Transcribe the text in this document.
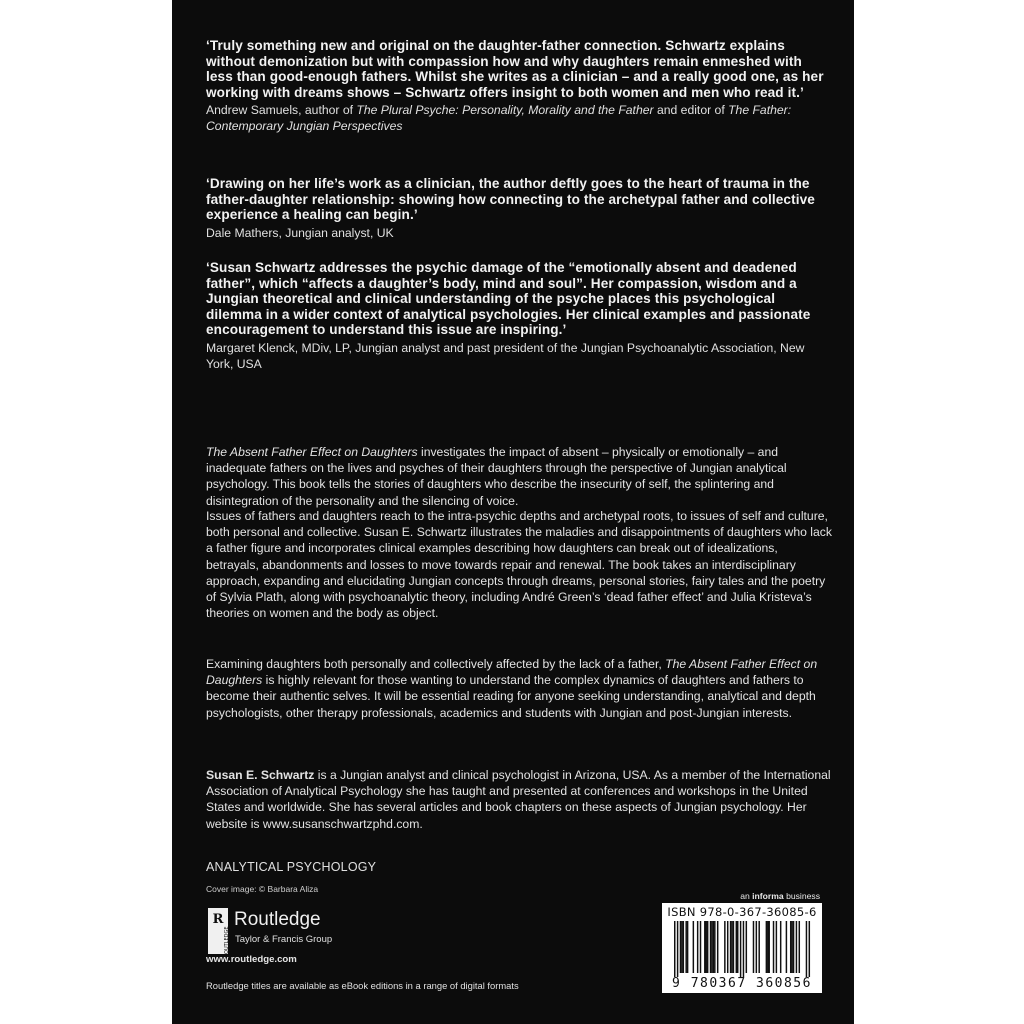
‘Truly something new and original on the daughter-father connection. Schwartz explains without demonization but with compassion how and why daughters remain enmeshed with less than good-enough fathers. Whilst she writes as a clinician – and a really good one, as her working with dreams shows – Schwartz offers insight to both women and men who read it.’

Andrew Samuels, author of The Plural Psyche: Personality, Morality and the Father and editor of The Father: Contemporary Jungian Perspectives

‘Drawing on her life’s work as a clinician, the author deftly goes to the heart of trauma in the father-daughter relationship: showing how connecting to the archetypal father and collective experience a healing can begin.’

Dale Mathers, Jungian analyst, UK

‘Susan Schwartz addresses the psychic damage of the “emotionally absent and deadened father”, which “affects a daughter’s body, mind and soul”. Her compassion, wisdom and a Jungian theoretical and clinical understanding of the psyche places this psychological dilemma in a wider context of analytical psychologies. Her clinical examples and passionate encouragement to understand this issue are inspiring.’

Margaret Klenck, MDiv, LP, Jungian analyst and past president of the Jungian Psychoanalytic Association, New York, USA

The Absent Father Effect on Daughters investigates the impact of absent – physically or emotionally – and inadequate fathers on the lives and psyches of their daughters through the perspective of Jungian analytical psychology. This book tells the stories of daughters who describe the insecurity of self, the splintering and disintegration of the personality and the silencing of voice.

Issues of fathers and daughters reach to the intra-psychic depths and archetypal roots, to issues of self and culture, both personal and collective. Susan E. Schwartz illustrates the maladies and disappointments of daughters who lack a father figure and incorporates clinical examples describing how daughters can break out of idealizations, betrayals, abandonments and losses to move towards repair and renewal. The book takes an interdisciplinary approach, expanding and elucidating Jungian concepts through dreams, personal stories, fairy tales and the poetry of Sylvia Plath, along with psychoanalytic theory, including André Green’s ‘dead father effect’ and Julia Kristeva’s theories on women and the body as object.

Examining daughters both personally and collectively affected by the lack of a father, The Absent Father Effect on Daughters is highly relevant for those wanting to understand the complex dynamics of daughters and fathers to become their authentic selves. It will be essential reading for anyone seeking understanding, analytical and depth psychologists, other therapy professionals, academics and students with Jungian and post-Jungian interests.

Susan E. Schwartz is a Jungian analyst and clinical psychologist in Arizona, USA. As a member of the International Association of Analytical Psychology she has taught and presented at conferences and workshops in the United States and worldwide. She has several articles and book chapters on these aspects of Jungian psychology. Her website is www.susanschwartzphd.com.

ANALYTICAL PSYCHOLOGY
Cover image: © Barbara Aliza
R
ROUTLEDGE
Routledge
Taylor & Francis Group
www.routledge.com
Routledge titles are available as eBook editions in a range of digital formats
an informa business
ISBN 978-0-367-36085-6
9 780367 360856
